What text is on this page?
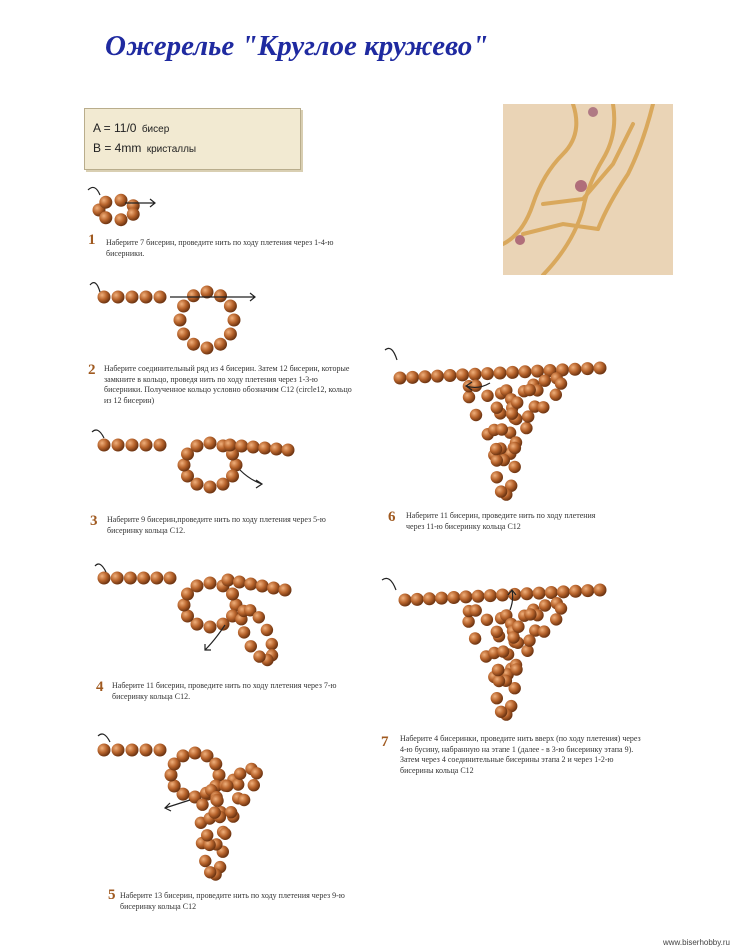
Ожерелье "Круглое кружево"
A = 11/0 бисер
B = 4mm кристаллы
1 Наберите 7 бисерин, проведите нить по ходу плетения через 1-4-ю бисерники.
2 Наберите соединительный ряд из 4 бисерин. Затем 12 бисерин, которые замкните в кольцо, проведя нить по ходу плетения через 1-3-ю бисерники. Полученное кольцо условно обозначим С12 (circle12, кольцо из 12 бисерин)
3 Наберите 9 бисерин,проведите нить по ходу плетения через 5-ю бисеринку кольца С12.
4 Наберите 11 бисерин, проведите нить по ходу плетения через 7-ю бисеринку кольца С12.
5 Наберите 13 бисерин, проведите нить по ходу плетения через 9-ю бисеринку кольца С12
6 Наберите 11 бисерин, проведите нить по ходу плетения через 11-ю бисеринку кольца С12
7 Наберите 4 бисеринки, проведите нить вверх (по ходу плетения) через 4-ю бусину, набранную на этапе 1 (далее - в 3-ю бисеринку этапа 9). Затем через 4 соединительные бисерины этапа 2 и через 1-2-ю бисерины кольца С12
www.biserhobby.ru
